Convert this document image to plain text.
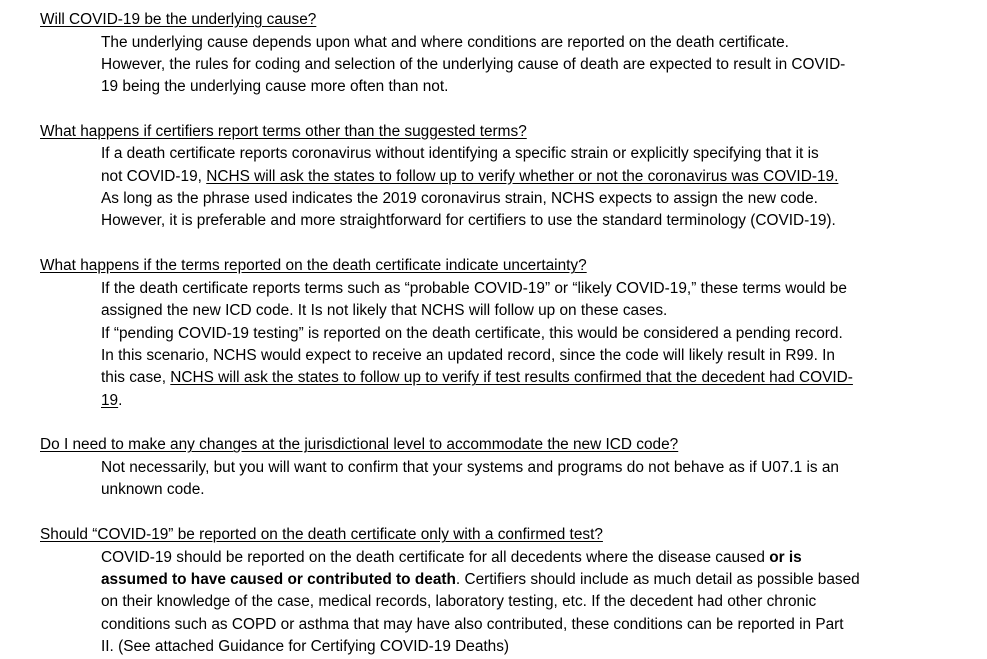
Will COVID-19 be the underlying cause?
The underlying cause depends upon what and where conditions are reported on the death certificate.
However, the rules for coding and selection of the underlying cause of death are expected to result in COVID-
19 being the underlying cause more often than not.
What happens if certifiers report terms other than the suggested terms?
If a death certificate reports coronavirus without identifying a specific strain or explicitly specifying that it is
not COVID-19, NCHS will ask the states to follow up to verify whether or not the coronavirus was COVID-19.
As long as the phrase used indicates the 2019 coronavirus strain, NCHS expects to assign the new code.
However, it is preferable and more straightforward for certifiers to use the standard terminology (COVID-19).
What happens if the terms reported on the death certificate indicate uncertainty?
If the death certificate reports terms such as “probable COVID-19” or “likely COVID-19,” these terms would be
assigned the new ICD code. It Is not likely that NCHS will follow up on these cases.
If “pending COVID-19 testing” is reported on the death certificate, this would be considered a pending record.
In this scenario, NCHS would expect to receive an updated record, since the code will likely result in R99. In
this case, NCHS will ask the states to follow up to verify if test results confirmed that the decedent had COVID-
19.
Do I need to make any changes at the jurisdictional level to accommodate the new ICD code?
Not necessarily, but you will want to confirm that your systems and programs do not behave as if U07.1 is an
unknown code.
Should “COVID-19” be reported on the death certificate only with a confirmed test?
COVID-19 should be reported on the death certificate for all decedents where the disease caused or is
assumed to have caused or contributed to death. Certifiers should include as much detail as possible based
on their knowledge of the case, medical records, laboratory testing, etc. If the decedent had other chronic
conditions such as COPD or asthma that may have also contributed, these conditions can be reported in Part
II. (See attached Guidance for Certifying COVID-19 Deaths)
